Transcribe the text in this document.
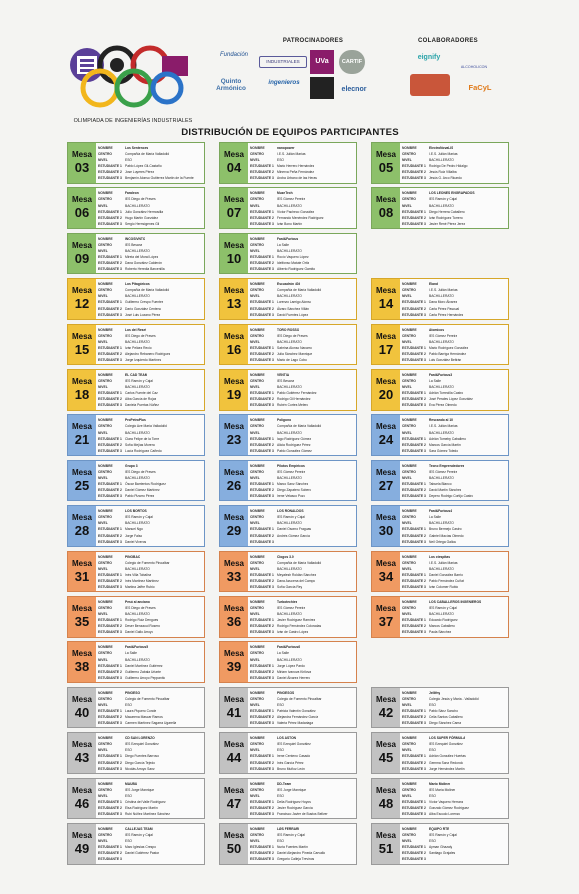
OLIMPIADA DE INGENIERÍAS INDUSTRIALES
PATROCINADORES	COLABORADORES
Fundación
INDUSTRIALES	UVa	CARTIF
Quinto Armónico
ingenieros
elecnor
eignify
ALCOHOLICON
FaCyL
DISTRIBUCIÓN DE EQUIPOS PARTICIPANTES
Mesa
03
NOMBRE	Los Sentences
CENTRO	Compañía de María Valladolid
NIVEL	ESO
ESTUDIANTE 1 Pablo López Gil-Castaño
ESTUDIANTE 2 Jose Luyeres Pérez
ESTUDIANTE 3 Benjamín Alonso Gutiérrez Martín de la Fuente
Mesa
04
NOMBRE	nanopower
CENTRO	I.E.S. Julián Marías
NIVEL	ESO
ESTUDIANTE 1 Mario Herrero Hernández
ESTUDIANTE 2 Minerva Peña Fernández
ESTUDIANTE 3 Aroba Urbano de las Heras
Mesa
05
NOMBRE	ElectroNovaLIS
CENTRO	I.E.S. Julián Marías
NIVEL	BACHILLERATO
ESTUDIANTE 1 Rodrigo De Pedro Hidalgo
ESTUDIANTE 2 Jesús Ruiz Villalba
ESTUDIANTE 3 Jesús G. Arco Ricardo
Mesa
06
NOMBRE	Faraleon
CENTRO	IES Diego de Praves
NIVEL	BACHILLERATO
ESTUDIANTE 1 Julio González Hermosilla
ESTUDIANTE 2 Hugo Martín González
ESTUDIANTE 3 Sergio Hermógenes Gil
Mesa
07
NOMBRE	MuzeTech
CENTRO	IES Gómez Pereira
NIVEL	BACHILLERATO
ESTUDIANTE 1 Víctor Pacheco González
ESTUDIANTE 2 Fernando Menéndez Rodríguez
ESTUDIANTE 3 Iván Bono Martín
Mesa
08
NOMBRE	LOS LEONES ENGRAPADOS
CENTRO	IES Ramón y Cajal
NIVEL	BACHILLERATO
ESTUDIANTE 1 Diego Herrera Caballero
ESTUDIANTE 2 Iván Rodríguez Torrero
ESTUDIANTE 3 Javier René Pérez Jerez
Mesa
09
NOMBRE	INCOSIVNTO
CENTRO	IES Besana
NIVEL	BACHILLERATO
ESTUDIANTE 1 Mireia del Moral López
ESTUDIANTE 2 Dana González Calderón
ESTUDIANTE 3 Roberto Heredia Barcenilla
Mesa
10
NOMBRE	Fast&Furious
CENTRO	La Salle
NIVEL	BACHILLERATO
ESTUDIANTE 1 Rocío Vaquero López
ESTUDIANTE 2 Idelfonso Matute Ortiz
ESTUDIANTE 3 Alberto Rodríguez Gamito
Mesa
12
NOMBRE	Los Pitagóricos
CENTRO	Compañía de María Valladolid
NIVEL	BACHILLERATO
ESTUDIANTE 1 Guillermo Crespo Fuentes
ESTUDIANTE 2 Darío González Centeno
ESTUDIANTE 3 José Luis Lozano Pérez
Mesa
13
NOMBRE	Escuadrón 404
CENTRO	Compañía de María Valladolid
NIVEL	BACHILLERATO
ESTUDIANTE 1 Lorenzo Lamigo Alonso
ESTUDIANTE 2 Álvaro Sánchez Villán
ESTUDIANTE 3 David Fuentes López
Mesa
14
NOMBRE	Eland
CENTRO	I.E.S. Julián Marías
NIVEL	BACHILLERATO
ESTUDIANTE 1 Dana Moro Álvarez
ESTUDIANTE 2 Carla Pérez Pascual
ESTUDIANTE 3 Carla Pérez Hernández
Mesa
15
NOMBRE	Los del Reset
CENTRO	IES Diego de Praves
NIVEL	BACHILLERATO
ESTUDIANTE 1 Iván Peláez Recio
ESTUDIANTE 2 Alejandro Rebanero Rodríguez
ESTUDIANTE 3 Jorge Izquierdo Martínez
Mesa
16
NOMBRE	TORO ROSSO
CENTRO	IES Diego de Praves
NIVEL	BACHILLERATO
ESTUDIANTE 1 Sabrina Alonso Navarro
ESTUDIANTE 2 Julia Sánchez Manrique
ESTUDIANTE 3 Mario de Lago Cobo
Mesa
17
NOMBRE	Atomicos
CENTRO	IES Gómez Pereira
NIVEL	BACHILLERATO
ESTUDIANTE 1 Mario Rodríguez González
ESTUDIANTE 2 Pablo Barriga Hernández
ESTUDIANTE 3 Luis González Beltrán
Mesa
18
NOMBRE	EL CAD TEAM
CENTRO	IES Ramón y Cajal
NIVEL	BACHILLERATO
ESTUDIANTE 1 Carlos Fuente del Caz
ESTUDIANTE 2 Alba García de Rojas
ESTUDIANTE 3 Daniela Puertas Núñez
Mesa
19
NOMBRE	VENTIA
CENTRO	IES Besana
NIVEL	BACHILLERATO
ESTUDIANTE 1 Pablo Gutiérrez Fernández
ESTUDIANTE 2 Rodrigo Gil Hernández
ESTUDIANTE 3 Rubén Cortes Melero
Mesa
20
NOMBRE	Fast&Furious3
CENTRO	La Salle
NIVEL	BACHILLERATO
ESTUDIANTE 1 Adrián Torrecilla Castro
ESTUDIANTE 2 José Perales López González
ESTUDIANTE 3 Eva Pérez Olmedo
Mesa
21
NOMBRE	ProPetroPlus
CENTRO	Colegio Ave María Valladolid
NIVEL	BACHILLERATO
ESTUDIANTE 1 Clara Felipe de la Torre
ESTUDIANTE 2 Sofía Mejías Moreno
ESTUDIANTE 3 Lucía Rodríguez Cañedo
Mesa
23
NOMBRE	Polígono
CENTRO	Compañía de María Valladolid
NIVEL	BACHILLERATO
ESTUDIANTE 1 Iago Rodríguez Gómez
ESTUDIANTE 2 Alicia Rodríguez Pérez
ESTUDIANTE 3 Pablo González Gómez
Mesa
24
NOMBRE	Rescando al 10
CENTRO	I.E.S. Julián Marías
NIVEL	BACHILLERATO
ESTUDIANTE 1 Adrián Tomeby Caballero
ESTUDIANTE 2 Marcos García Martín
ESTUDIANTE 3 Sara Gómez Toledo
Mesa
25
NOMBRE	Grupo 3
CENTRO	IES Diego de Praves
NIVEL	BACHILLERATO
ESTUDIANTE 1 Óscar Barrientos Rodríguez
ESTUDIANTE 2 Daniel Gómez Martínez
ESTUDIANTE 3 Pablo Pizarro Pérez
Mesa
26
NOMBRE	Pilotos Empíricos
CENTRO	IES Gómez Pereira
NIVEL	BACHILLERATO
ESTUDIANTE 1 Marco Sanz Sánchez
ESTUDIANTE 2 Diego Zapatero Sobero
ESTUDIANTE 3 Irene Velasco Pozo
Mesa
27
NOMBRE	Tecno Emprendedores
CENTRO	IES Gómez Pereira
NIVEL	BACHILLERATO
ESTUDIANTE 1 Tabuela Blanco
ESTUDIANTE 2 David Martín Sánchez
ESTUDIANTE 3 Depero Rodrigo Cortijo Castro
Mesa
28
NOMBRE	LOS BORTOS
CENTRO	IES Ramón y Cajal
NIVEL	BACHILLERATO
ESTUDIANTE 1 Manuel Ngo
ESTUDIANTE 2 Jorge Falso
ESTUDIANTE 3 Daniel Viveros
Mesa
29
NOMBRE	LOS RONALDOS
CENTRO	IES Ramón y Cajal
NIVEL	BACHILLERATO
ESTUDIANTE 1 Daniel Osorno Fraguas
ESTUDIANTE 2 Andrés Gómez García
ESTUDIANTE 3
Mesa
30
NOMBRE	Fast&Furious4
CENTRO	La Salle
NIVEL	BACHILLERATO
ESTUDIANTE 1 Bruno Bermejo Castro
ESTUDIANTE 2 Gabriel Macías Olmedo
ESTUDIANTE 3 Neil Ortega Gallou
Mesa
31
NOMBRE	PINOBAC
CENTRO	Colegio de Fomento Pinoalbar
NIVEL	BACHILLERATO
ESTUDIANTE 1 Inés Villa Tobalina
ESTUDIANTE 2 Inés Martínez Martínez
ESTUDIANTE 3 Martina Jaffre Rubio
Mesa
33
NOMBRE	Clogos 3.0
CENTRO	Compañía de María Valladolid
NIVEL	BACHILLERATO
ESTUDIANTE 1 Meyalesh Roldán Sánchez
ESTUDIANTE 2 Dana Azucena del Campo
ESTUDIANTE 3 Sofía García Rey
Mesa
34
NOMBRE	Los ctespitas
CENTRO	I.E.S. Julián Marías
NIVEL	BACHILLERATO
ESTUDIANTE 1 Daniel González Barrio
ESTUDIANTE 2 Pablo Fernández Cuñat
ESTUDIANTE 3 Iván Colomer Rubio
Mesa
35
NOMBRE	Pesó al anciano
CENTRO	IES Diego de Praves
NIVEL	BACHILLERATO
ESTUDIANTE 1 Rodrigo Ruiz Dengues
ESTUDIANTE 2 Deser Benzaoul Rosero
ESTUDIANTE 3 Daniel Gallo Arroyo
Mesa
36
NOMBRE	Turbotechies
CENTRO	IES Gómez Pereira
NIVEL	BACHILLERATO
ESTUDIANTE 1 Javier Rodríguez Ramírez
ESTUDIANTE 2 Rodrigo Fernández Coloradas
ESTUDIANTE 3 Iván de Castro López
Mesa
37
NOMBRE	LOS CABALLEROS INGENIEROS
CENTRO	IES Ramón y Cajal
NIVEL	BACHILLERATO
ESTUDIANTE 1 Eduardo Rodríguez
ESTUDIANTE 2 Marcos Caballero
ESTUDIANTE 3 Paula Sánchez
Mesa
38
NOMBRE	Fast&Furious5
CENTRO	La Salle
NIVEL	BACHILLERATO
ESTUDIANTE 1 Daniel Martínez Gutiérrez
ESTUDIANTE 2 Guillermo Zabala Uriarte
ESTUDIANTE 3 Guillermo Arroyo Peppanito
Mesa
39
NOMBRE	Fast&Furious6
CENTRO	La Salle
NIVEL	BACHILLERATO
ESTUDIANTE 1 Jorge López Pardo
ESTUDIANTE 2 Miriam Ivanova Kirilova
ESTUDIANTE 3 Daniel Álvarez Herrero
Mesa
40
NOMBRE	PINOESO
CENTRO	Colegio de Fomento Pinoalbar
NIVEL	ESO
ESTUDIANTE 1 Laura Piquero Conde
ESTUDIANTE 2 Macarena Mascar Ramos
ESTUDIANTE 3 Carmen Martínez Sagarra Ugarella
Mesa
41
NOMBRE	PINOESOS
CENTRO	Colegio de Fomento Pinoalbar
NIVEL	ESO
ESTUDIANTE 1 Patricia Valentín González
ESTUDIANTE 2 Alejandra Fernández García
ESTUDIANTE 3 Valeria Pérez Madariaga
Mesa
42
NOMBRE	Jellifny
CENTRO	Colegio Jesús y María - Valladolid
NIVEL	ESO
ESTUDIANTE 1 Pablo Sánz Sancho
ESTUDIANTE 2 Celia Santos Caballero
ESTUDIANTE 3 Diego Sánchez Cama
Mesa
43
NOMBRE	CD SAN LORENZO
CENTRO	IES Ezequiel González
NIVEL	ESO
ESTUDIANTE 1 Diego Fuentes Barroso
ESTUDIANTE 2 Diego García Tejedo
ESTUDIANTE 3 Nicolás Arroyo Sanz
Mesa
44
NOMBRE	LOS ASTON
CENTRO	IES Ezequiel González
NIVEL	ESO
ESTUDIANTE 1 Irene Centeno Casado
ESTUDIANTE 2 Inés García Pérez
ESTUDIANTE 3 Bruno Muñoz León
Mesa
45
NOMBRE	LOS SUPER FÓRMULA
CENTRO	IES Ezequiel González
NIVEL	ESO
ESTUDIANTE 1 Adrián González Huertas
ESTUDIANTE 2 Gemma Sanz Redondo
ESTUDIANTE 3 Jorge Hernández Martín
Mesa
46
NOMBRE	MAUBU
CENTRO	IES Jorge Manrique
NIVEL	ESO
ESTUDIANTE 1 Cristina del Valle Rodríguez
ESTUDIANTE 2 Elsa Rodríguez Martín
ESTUDIANTE 3 Rubí Núñez Martínez Sánchez
Mesa
47
NOMBRE	DD-Team
CENTRO	IES Jorge Manrique
NIVEL	ESO
ESTUDIANTE 1 Delia Rodríguez Hoyos
ESTUDIANTE 2 Javier Rodríguez García
ESTUDIANTE 3 Francisco Javier de Bustos Bellver
Mesa
48
NOMBRE	Mario Moliner
CENTRO	IES María Moliner
NIVEL	ESO
ESTUDIANTE 1 Víctor Vaquero Herranz
ESTUDIANTE 2 Gonzalo Gómez Rodríguez
ESTUDIANTE 3 Alba Escudo Lorenzo
Mesa
49
NOMBRE	CALLEJAS TEAM
CENTRO	IES Ramón y Cajal
NIVEL	ESO
ESTUDIANTE 1 Marc Iglesias Crespo
ESTUDIANTE 2 Daniel Gutiérrez Pastor
ESTUDIANTE 3
Mesa
50
NOMBRE	LØS FERRARI
CENTRO	IES Ramón y Cajal
NIVEL	ESO
ESTUDIANTE 1 Nuria Fuentes Martín
ESTUDIANTE 2 Daniel Alejandro Pineda Carvallo
ESTUDIANTE 3 Gregorio Calleja Trevinos
Mesa
51
NOMBRE	EQUIPO RTE
CENTRO	IES Ramón y Cajal
NIVEL	ESO
ESTUDIANTE 1 Ayman Ghazaly
ESTUDIANTE 2 Santiago Grajales
ESTUDIANTE 3
